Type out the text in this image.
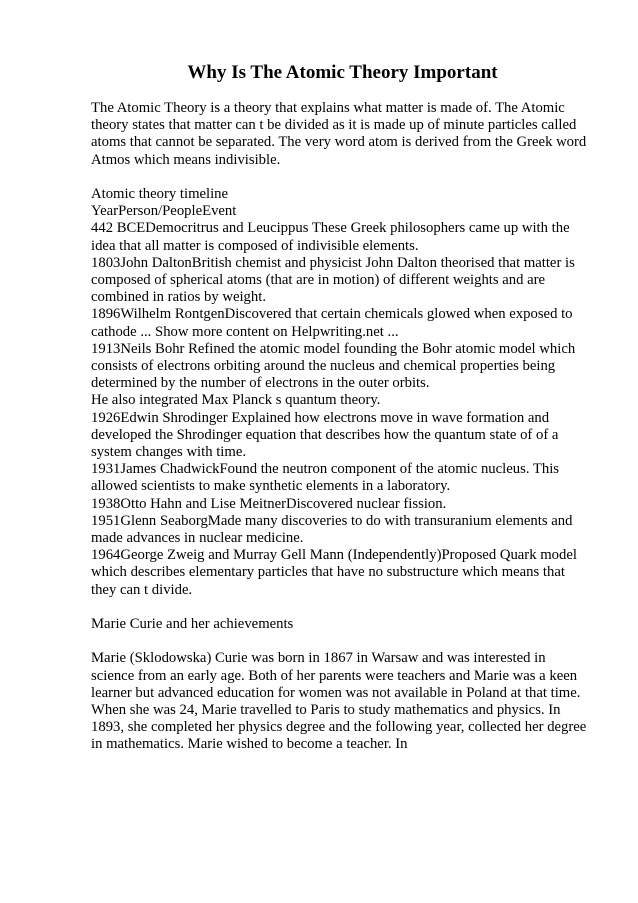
Why Is The Atomic Theory Important

The Atomic Theory is a theory that explains what matter is made of. The Atomic theory states that matter can t be divided as it is made up of minute particles called atoms that cannot be separated. The very word atom is derived from the Greek word Atmos which means indivisible.

Atomic theory timeline
YearPerson/PeopleEvent
442 BCEDemocritrus and Leucippus These Greek philosophers came up with the idea that all matter is composed of indivisible elements.
1803John DaltonBritish chemist and physicist John Dalton theorised that matter is composed of spherical atoms (that are in motion) of different weights and are combined in ratios by weight.
1896Wilhelm RontgenDiscovered that certain chemicals glowed when exposed to cathode ... Show more content on Helpwriting.net ...
1913Neils Bohr Refined the atomic model founding the Bohr atomic model which consists of electrons orbiting around the nucleus and chemical properties being determined by the number of electrons in the outer orbits.
He also integrated Max Planck s quantum theory.
1926Edwin Shrodinger Explained how electrons move in wave formation and developed the Shrodinger equation that describes how the quantum state of of a system changes with time.
1931James ChadwickFound the neutron component of the atomic nucleus. This allowed scientists to make synthetic elements in a laboratory.
1938Otto Hahn and Lise MeitnerDiscovered nuclear fission.
1951Glenn SeaborgMade many discoveries to do with transuranium elements and made advances in nuclear medicine.
1964George Zweig and Murray Gell Mann (Independently)Proposed Quark model which describes elementary particles that have no substructure which means that they can t divide.

Marie Curie and her achievements

Marie (Sklodowska) Curie was born in 1867 in Warsaw and was interested in science from an early age. Both of her parents were teachers and Marie was a keen learner but advanced education for women was not available in Poland at that time. When she was 24, Marie travelled to Paris to study mathematics and physics. In 1893, she completed her physics degree and the following year, collected her degree in mathematics. Marie wished to become a teacher. In
